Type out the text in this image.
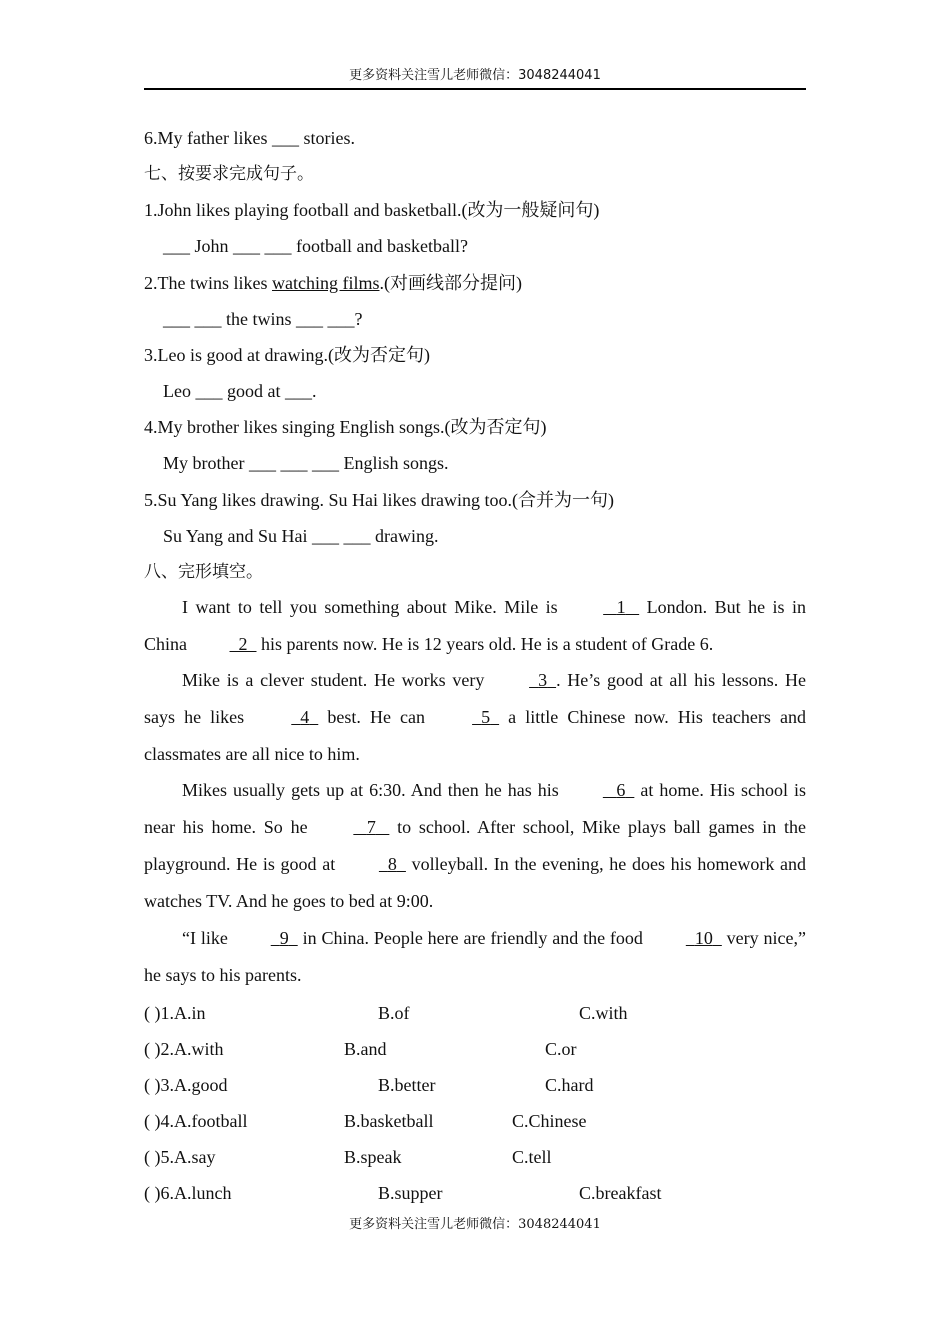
更多资料关注雪儿老师微信：3048244041
6.My father likes ___ stories.
七、按要求完成句子。
1.John likes playing football and basketball.(改为一般疑问句)
___ John ___ ___ football and basketball?
2.The twins likes watching films.(对画线部分提问)
___ ___ the twins ___ ___?
3.Leo is good at drawing.(改为否定句)
Leo ___ good at ___.
4.My brother likes singing English songs.(改为否定句)
My brother ___ ___ ___ English songs.
5.Su Yang likes drawing. Su Hai likes drawing too.(合并为一句)
Su Yang and Su Hai ___ ___ drawing.
八、完形填空。
I want to tell you something about Mike. Mile is	1    London. But he is in China	2   his parents now. He is 12 years old. He is a student of Grade 6.
Mike is a clever student. He works very	3 . He’s good at all his lessons. He says he likes	4   best. He can	5   a little Chinese now. His teachers and classmates are all nice to him.
Mikes usually gets up at 6:30. And then he has his	6   at home. His school is near his home. So he	7    to school. After school, Mike plays ball games in the playground. He is good at	8   volleyball. In the evening, he does his homework and watches TV. And he goes to bed at 9:00.
“I like	9   in China. People here are friendly and the food	10   very nice,” he says to his parents.
( )1.A.in	B.of	C.with
( )2.A.with	B.and	C.or
( )3.A.good	B.better	C.hard
( )4.A.football	B.basketball	C.Chinese
( )5.A.say	B.speak	C.tell
( )6.A.lunch	B.supper	C.breakfast
更多资料关注雪儿老师微信：3048244041
